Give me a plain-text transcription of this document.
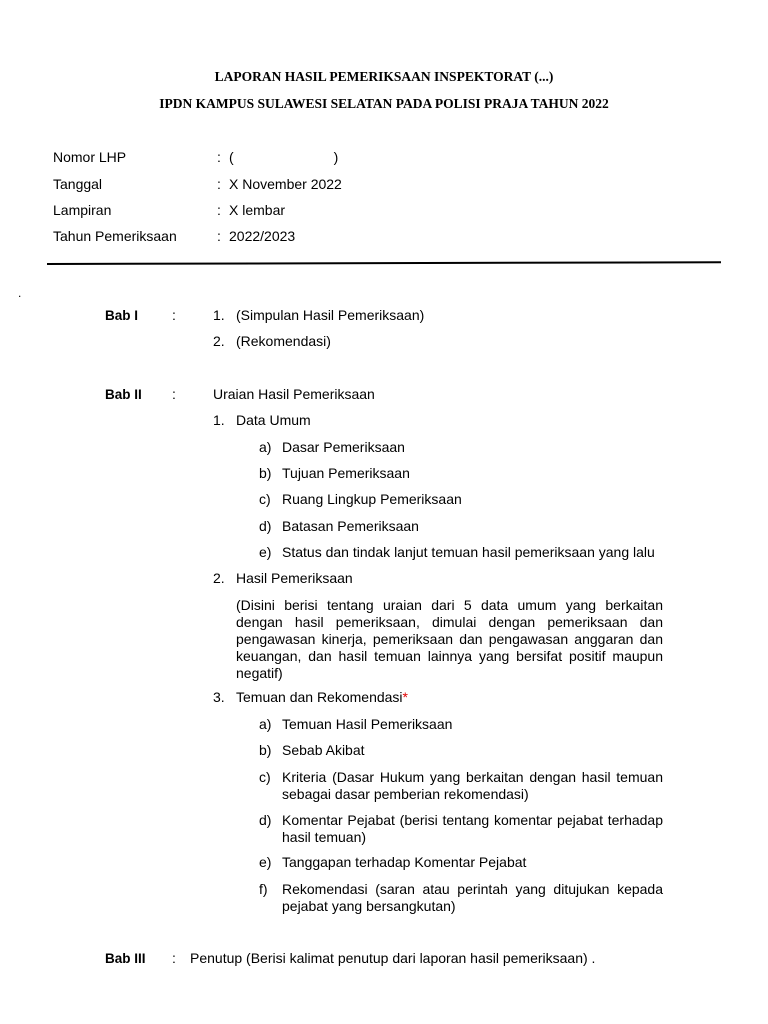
LAPORAN HASIL PEMERIKSAAN INSPEKTORAT (...)
IPDN KAMPUS SULAWESI SELATAN PADA POLISI PRAJA TAHUN 2022
Nomor LHP	: (	)
Tanggal	: X November 2022
Lampiran	: X lembar
Tahun Pemeriksaan	: 2022/2023
.
Bab I :	1. (Simpulan Hasil Pemeriksaan)
2. (Rekomendasi)
Bab II :	Uraian Hasil Pemeriksaan
1. Data Umum
a) Dasar Pemeriksaan
b) Tujuan Pemeriksaan
c) Ruang Lingkup Pemeriksaan
d) Batasan Pemeriksaan
e) Status dan tindak lanjut temuan hasil pemeriksaan yang lalu
2. Hasil Pemeriksaan
(Disini berisi tentang uraian dari 5 data umum yang berkaitan dengan hasil pemeriksaan, dimulai dengan pemeriksaan dan pengawasan kinerja, pemeriksaan dan pengawasan anggaran dan keuangan, dan hasil temuan lainnya yang bersifat positif maupun negatif)
3. Temuan dan Rekomendasi*
a) Temuan Hasil Pemeriksaan
b) Sebab Akibat
c) Kriteria (Dasar Hukum yang berkaitan dengan hasil temuan sebagai dasar pemberian rekomendasi)
d) Komentar Pejabat (berisi tentang komentar pejabat terhadap hasil temuan)
e) Tanggapan terhadap Komentar Pejabat
f) Rekomendasi (saran atau perintah yang ditujukan kepada pejabat yang bersangkutan)
Bab III : Penutup (Berisi kalimat penutup dari laporan hasil pemeriksaan) .
